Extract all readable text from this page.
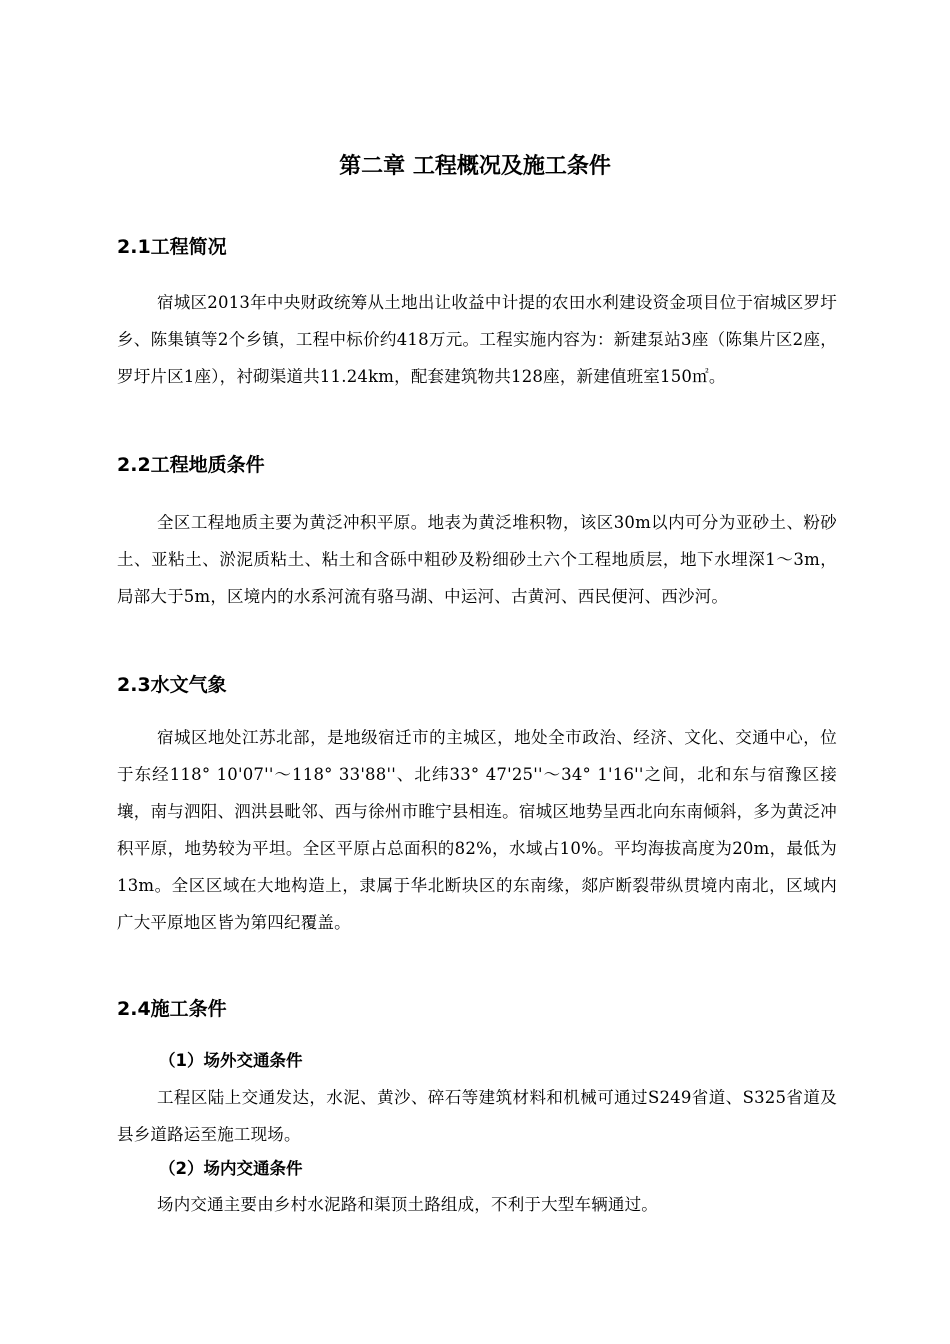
第二章 工程概况及施工条件
2.1工程简况

宿城区2013年中央财政统筹从土地出让收益中计提的农田水利建设资金项目位于宿城区罗圩乡、陈集镇等2个乡镇，工程中标价约418万元。工程实施内容为：新建泵站3座（陈集片区2座，罗圩片区1座），衬砌渠道共11.24km，配套建筑物共128座，新建值班室150㎡。

2.2工程地质条件

全区工程地质主要为黄泛冲积平原。地表为黄泛堆积物，该区30m以内可分为亚砂土、粉砂土、亚粘土、淤泥质粘土、粘土和含砾中粗砂及粉细砂土六个工程地质层，地下水埋深1～3m，局部大于5m，区境内的水系河流有骆马湖、中运河、古黄河、西民便河、西沙河。

2.3水文气象

宿城区地处江苏北部，是地级宿迁市的主城区，地处全市政治、经济、文化、交通中心，位于东经118° 10'07''～118° 33'88''、北纬33° 47'25''～34° 1'16''之间，北和东与宿豫区接壤，南与泗阳、泗洪县毗邻、西与徐州市睢宁县相连。宿城区地势呈西北向东南倾斜，多为黄泛冲积平原，地势较为平坦。全区平原占总面积的82%，水域占10%。平均海拔高度为20m，最低为13m。全区区域在大地构造上，隶属于华北断块区的东南缘，郯庐断裂带纵贯境内南北，区域内广大平原地区皆为第四纪覆盖。

2.4施工条件
（1）场外交通条件

工程区陆上交通发达，水泥、黄沙、碎石等建筑材料和机械可通过S249省道、S325省道及县乡道路运至施工现场。

（2）场内交通条件

场内交通主要由乡村水泥路和渠顶土路组成，不利于大型车辆通过。
